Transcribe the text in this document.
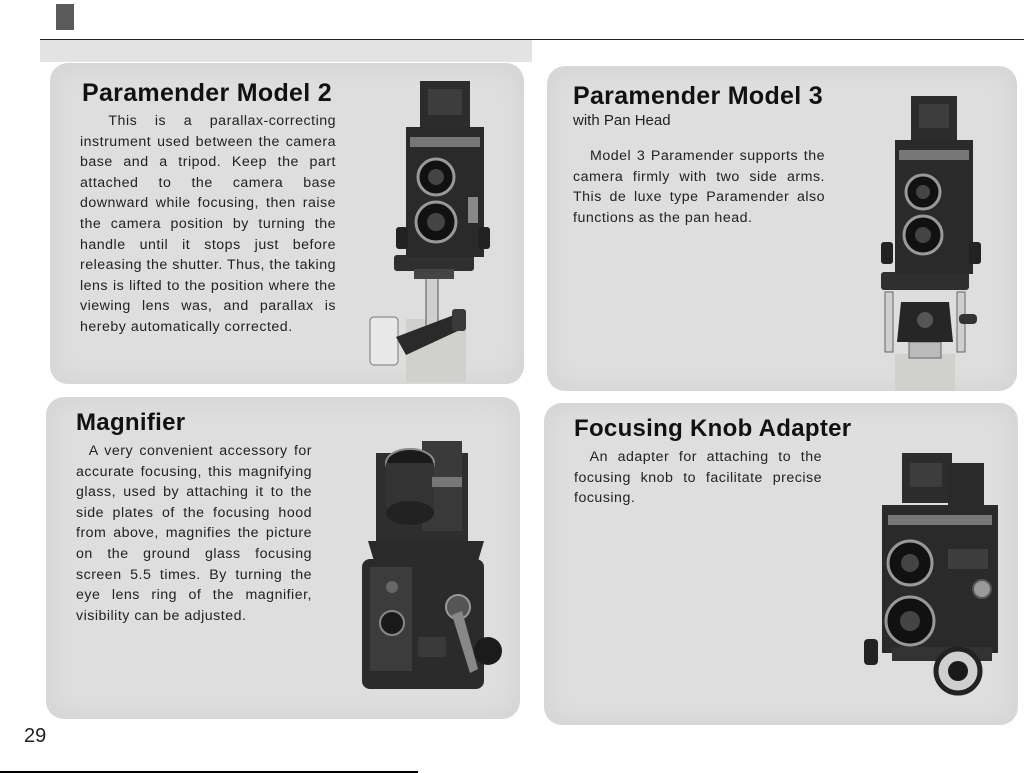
Paramender Model 2

This is a parallax-correcting instrument used between the camera base and a tripod. Keep the part attached to the camera base downward while focusing, then raise the camera position by turning the handle until it stops just before releasing the shutter. Thus, the taking lens is lifted to the position where the viewing lens was, and parallax is hereby automatically corrected.

Paramender Model 3
with Pan Head

Model 3 Paramender supports the camera firmly with two side arms. This de luxe type Paramender also functions as the pan head.

Magnifier

A very convenient accessory for accurate focusing, this magnifying glass, used by attaching it to the side plates of the focusing hood from above, magnifies the picture on the ground glass focusing screen 5.5 times. By turning the eye lens ring of the magnifier, visibility can be adjusted.

Focusing Knob Adapter

An adapter for attaching to the focusing knob to facilitate precise focusing.

29
